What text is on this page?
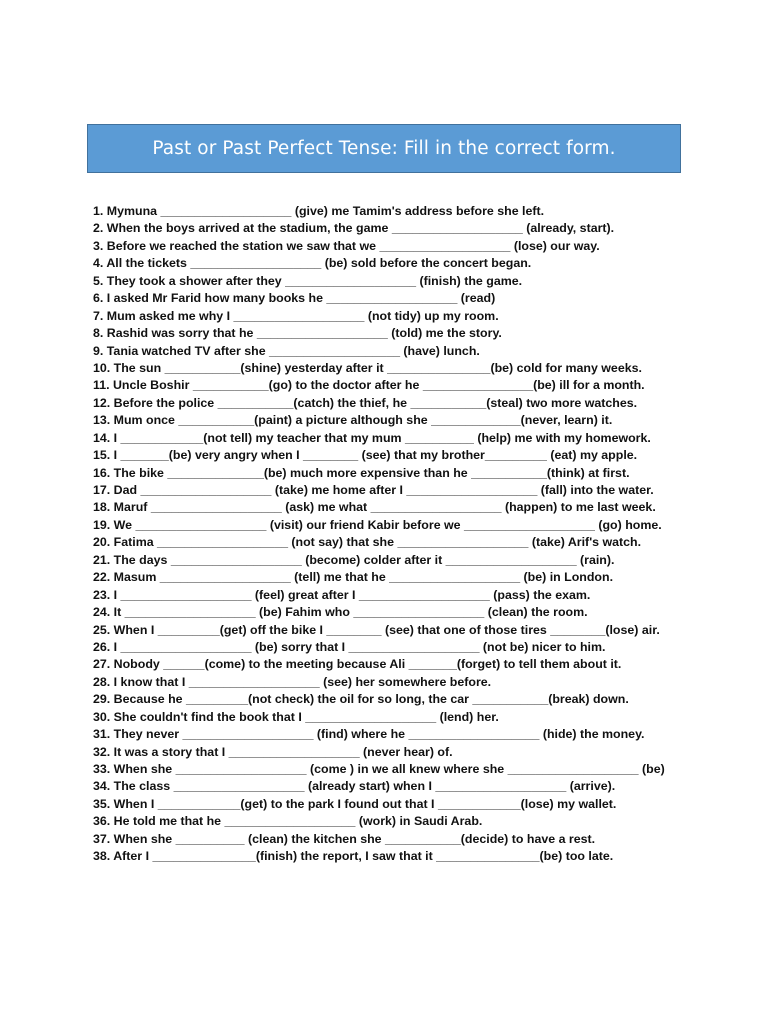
Past or Past Perfect Tense: Fill in the correct form.
1. Mymuna ___________________ (give) me Tamim's address before she left.
2. When the boys arrived at the stadium, the game ___________________ (already, start).
3. Before we reached the station we saw that we ___________________ (lose) our way.
4. All the tickets ___________________ (be) sold before the concert began.
5. They took a shower after they ___________________ (finish) the game.
6. I asked Mr Farid how many books he ___________________ (read)
7. Mum asked me why I ___________________ (not tidy) up my room.
8. Rashid was sorry that he ___________________ (told) me the story.
9. Tania watched TV after she ___________________ (have) lunch.
10. The sun ___________(shine) yesterday after it _______________(be) cold for many weeks.
11. Uncle Boshir ___________(go) to the doctor after he ________________(be) ill for a month.
12. Before the police ___________(catch) the thief, he ___________(steal) two more watches.
13. Mum once ___________(paint) a picture although she _____________(never, learn) it.
14. I ____________(not tell) my teacher that my mum __________ (help) me with my homework.
15. I _______(be) very angry when I ________ (see) that my brother_________ (eat) my apple.
16. The bike ______________(be) much more expensive than he ___________(think) at first.
17. Dad ___________________ (take) me home after I ___________________ (fall) into the water.
18. Maruf ___________________ (ask) me what ___________________ (happen) to me last week.
19. We ___________________ (visit) our friend Kabir before we ___________________ (go) home.
20. Fatima ___________________ (not say) that she ___________________ (take) Arif's watch.
21. The days ___________________ (become) colder after it ___________________ (rain).
22. Masum ___________________ (tell) me that he ___________________ (be) in London.
23. I ___________________ (feel) great after I ___________________ (pass) the exam.
24. It ___________________ (be) Fahim who ___________________ (clean) the room.
25. When I _________(get) off the bike I ________ (see) that one of those tires ________(lose) air.
26. I ___________________ (be) sorry that I ___________________ (not be) nicer to him.
27. Nobody ______(come) to the meeting because Ali _______(forget) to tell them about it.
28. I know that I ___________________ (see) her somewhere before.
29. Because he _________(not check) the oil for so long, the car ___________(break) down.
30. She couldn't find the book that I ___________________ (lend) her.
31. They never ___________________ (find) where he ___________________ (hide) the money.
32. It was a story that I ___________________ (never hear) of.
33. When she ___________________ (come ) in we all knew where she ___________________ (be)
34. The class ___________________ (already start) when I ___________________ (arrive).
35. When I ____________(get) to the park I found out that I ____________(lose) my wallet.
36. He told me that he ___________________ (work) in Saudi Arab.
37. When she __________ (clean) the kitchen she ___________(decide) to have a rest.
38. After I _______________(finish) the report, I saw that it _______________(be) too late.
